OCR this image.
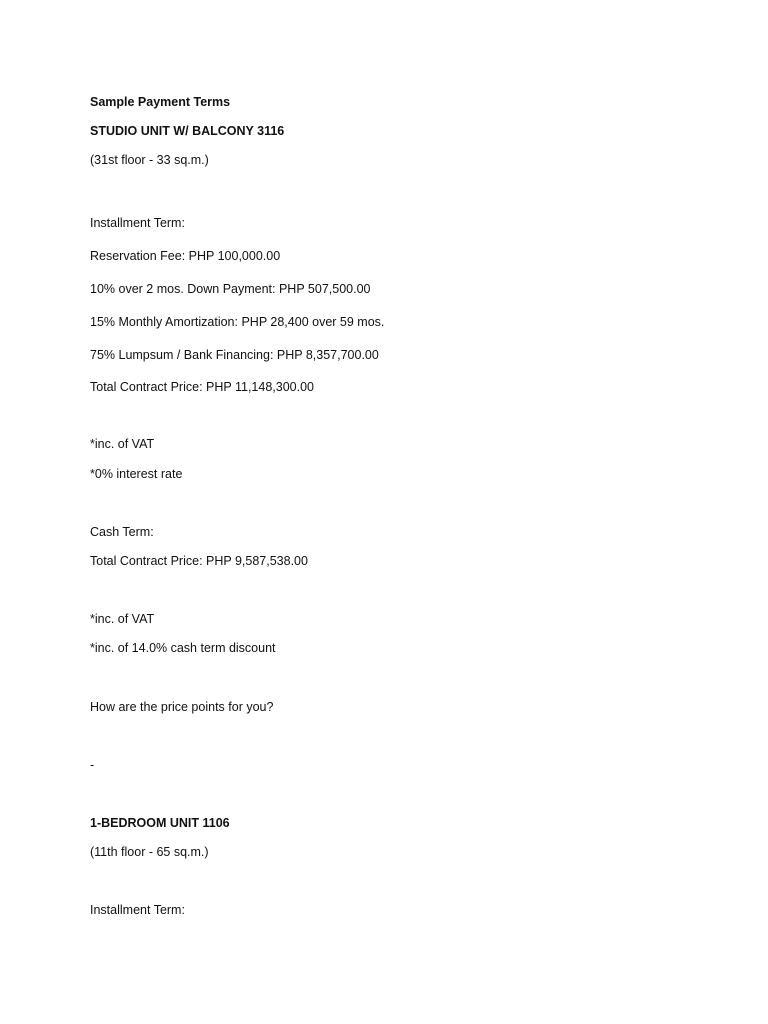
Sample Payment Terms
STUDIO UNIT W/ BALCONY 3116
(31st floor - 33 sq.m.)
Installment Term:
Reservation Fee: PHP 100,000.00
10% over 2 mos. Down Payment: PHP 507,500.00
15% Monthly Amortization: PHP 28,400 over 59 mos.
75% Lumpsum / Bank Financing: PHP 8,357,700.00
Total Contract Price: PHP 11,148,300.00
*inc. of VAT
*0% interest rate
Cash Term:
Total Contract Price: PHP 9,587,538.00
*inc. of VAT
*inc. of 14.0% cash term discount
How are the price points for you?
-
1-BEDROOM UNIT 1106
(11th floor - 65 sq.m.)
Installment Term:
